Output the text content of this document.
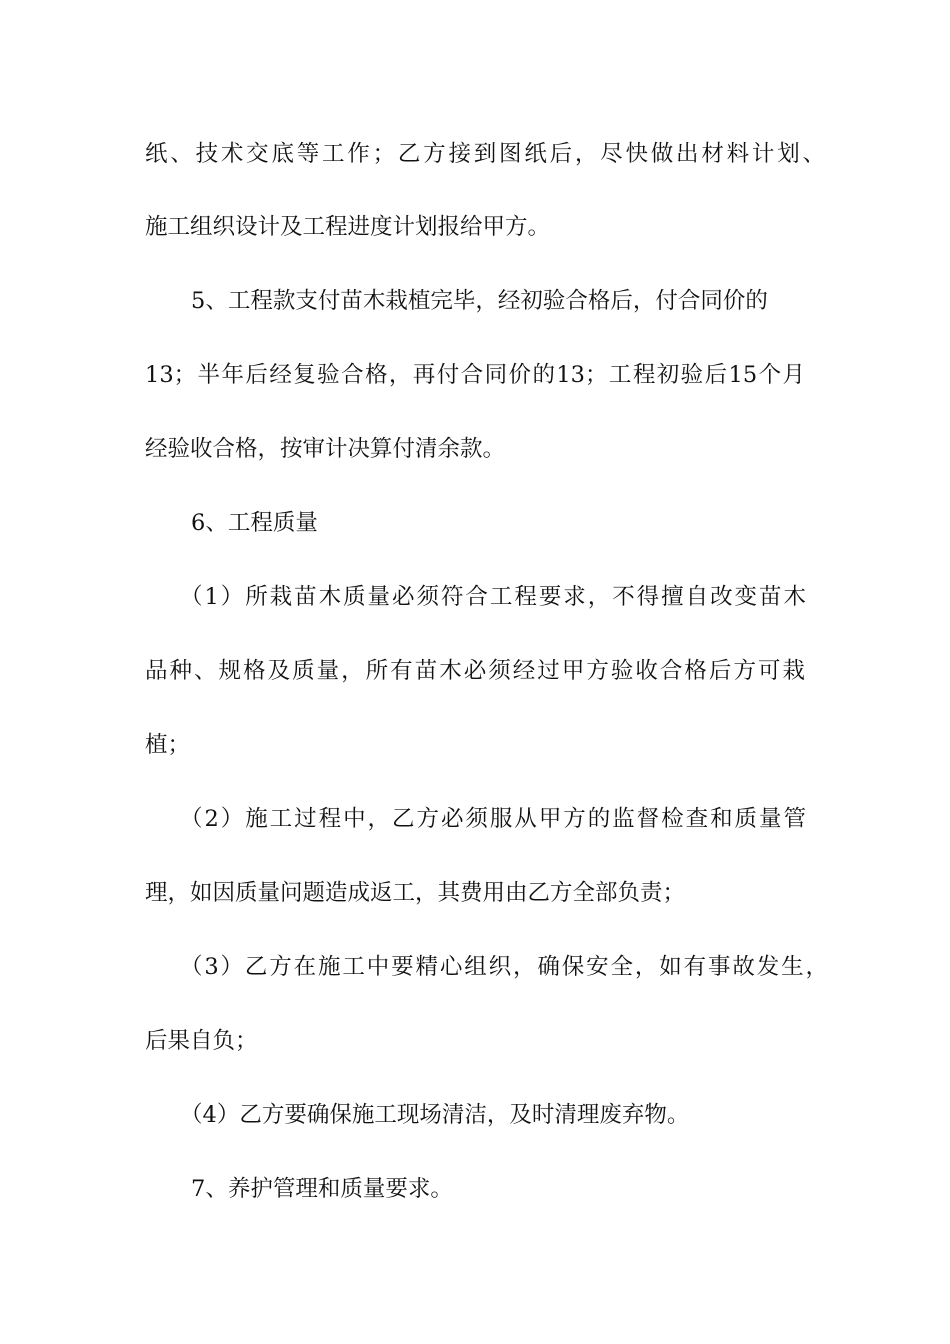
纸、技术交底等工作；乙方接到图纸后，尽快做出材料计划、
施工组织设计及工程进度计划报给甲方。
5、工程款支付苗木栽植完毕，经初验合格后，付合同价的
13；半年后经复验合格，再付合同价的13；工程初验后15个月
经验收合格，按审计决算付清余款。
6、工程质量
（1）所栽苗木质量必须符合工程要求，不得擅自改变苗木
品种、规格及质量，所有苗木必须经过甲方验收合格后方可栽
植；
（2）施工过程中，乙方必须服从甲方的监督检查和质量管
理，如因质量问题造成返工，其费用由乙方全部负责；
（3）乙方在施工中要精心组织，确保安全，如有事故发生，
后果自负；
（4）乙方要确保施工现场清洁，及时清理废弃物。
7、养护管理和质量要求。
